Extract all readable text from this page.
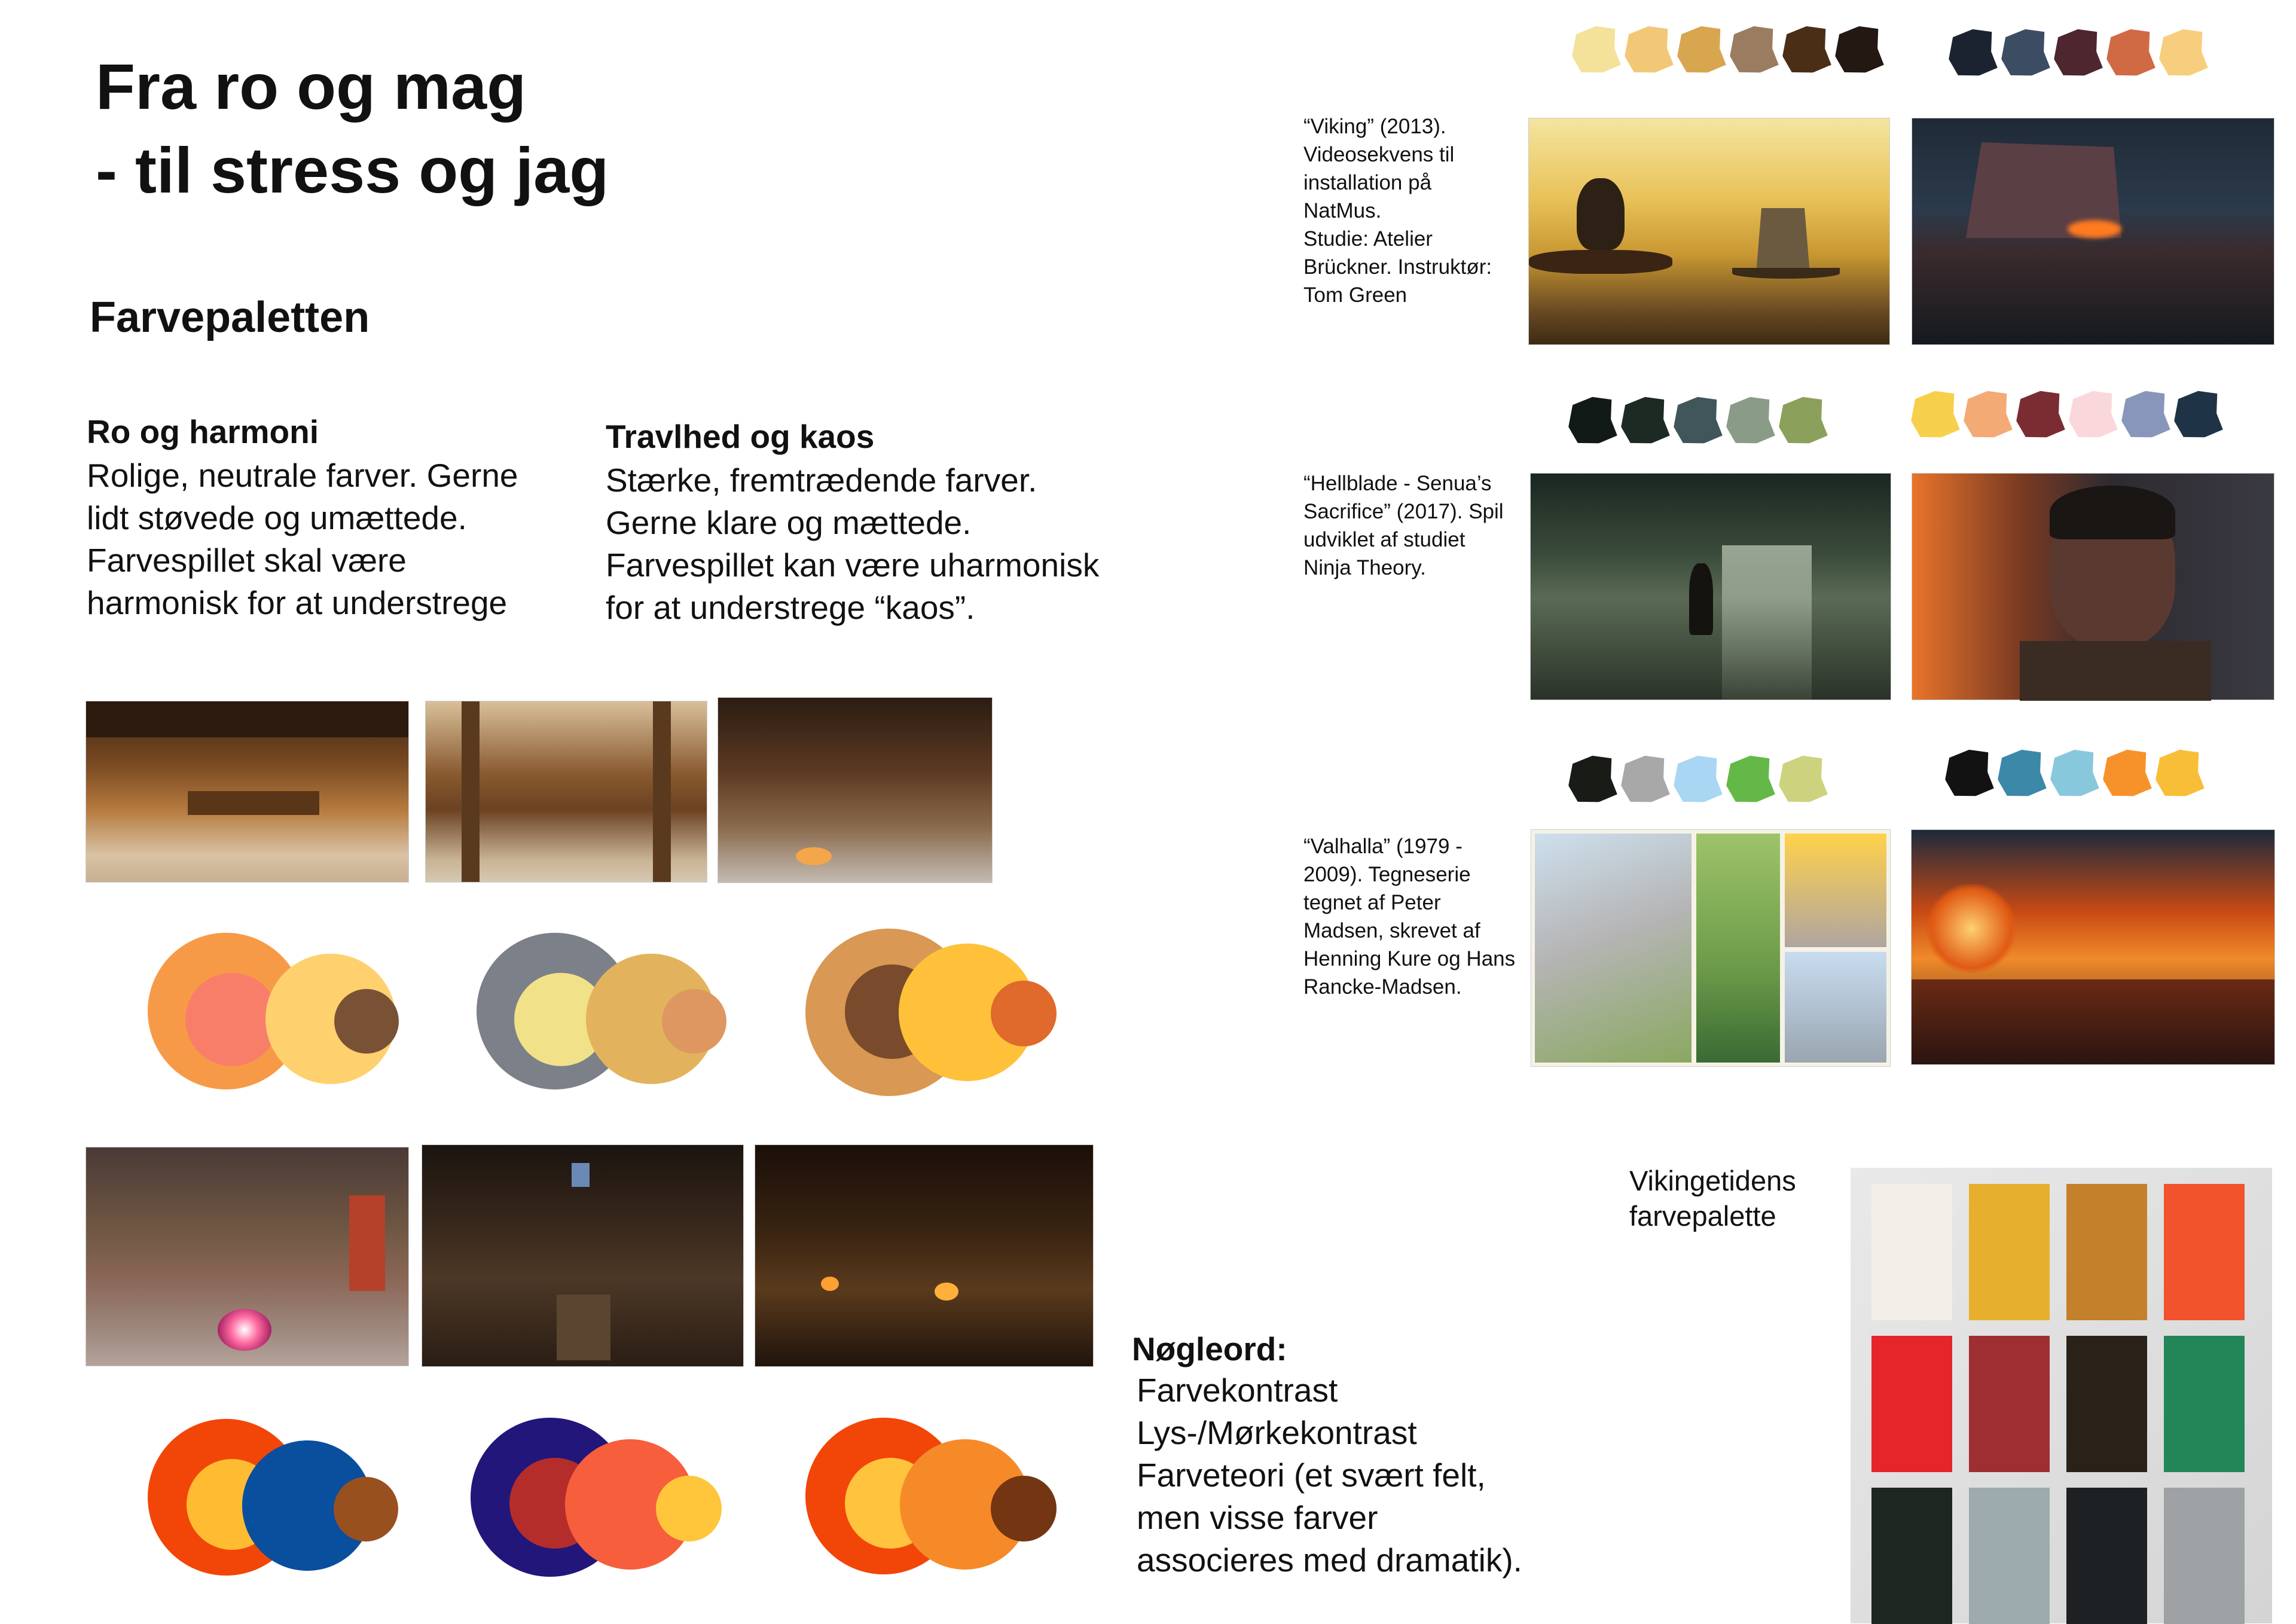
Fra ro og mag
- til stress og jag
Farvepaletten
Ro og harmoni
Rolige, neutrale farver. Gerne
lidt støvede og umættede.
Farvespillet skal være
harmonisk for at understrege
Travlhed og kaos
Stærke, fremtrædende farver.
Gerne klare og mættede.
Farvespillet kan være uharmonisk
for at understrege “kaos”.
Nøgleord:
Farvekontrast
Lys-/Mørkekontrast
Farveteori (et svært felt,
men visse farver
associeres med dramatik).
“Viking” (2013).
Videosekvens til
installation på
NatMus.
Studie: Atelier
Brückner. Instruktør:
Tom Green
“Hellblade - Senua’s
Sacrifice” (2017). Spil
udviklet af studiet
Ninja Theory.
“Valhalla” (1979 -
2009). Tegneserie
tegnet af Peter
Madsen, skrevet af
Henning Kure og Hans
Rancke-Madsen.
Vikingetidens
farvepalette
